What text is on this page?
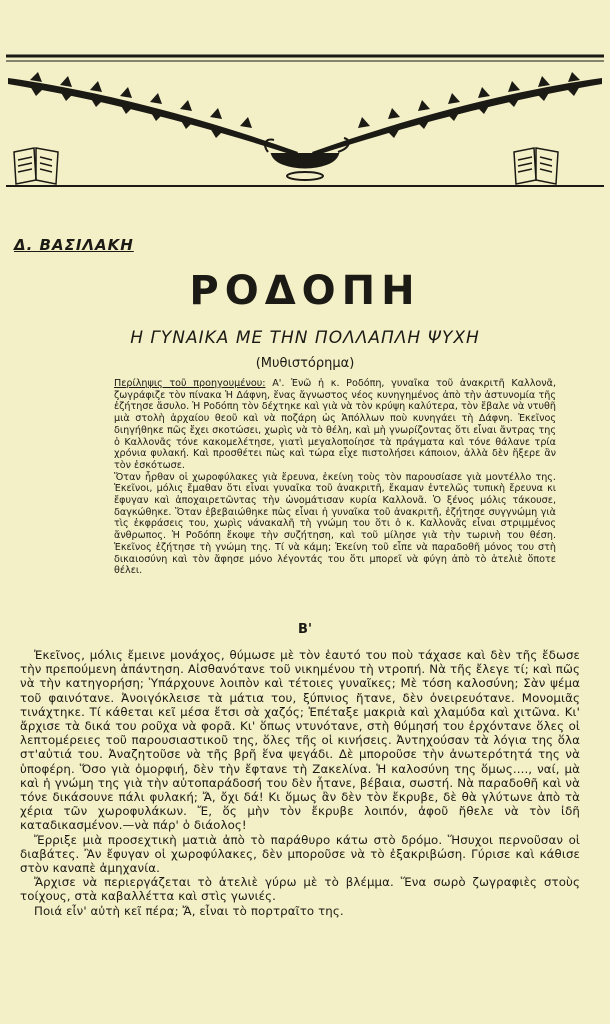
Δ. ΒΑΣΙΛΑΚΗ
ΡΟΔΟΠΗ
Η ΓΥΝΑΙΚΑ ΜΕ ΤΗΝ ΠΟΛΛΑΠΛΗ ΨΥΧΗ
(Μυθιστόρημα)

Περίληψις τοῦ προηγουμένου: Α'. Ἐνῶ ἡ κ. Ροδόπη, γυναῖκα τοῦ ἀνακριτῆ Καλλονᾶ, ζωγράφιζε τὸν πίνακα Ἡ Δάφνη, ἕνας ἄγνωστος νέος κυνηγημένος ἀπὸ τὴν ἀστυνομία τῆς ἐζήτησε ἄσυλο. Ἡ Ροδόπη τὸν δέχτηκε καὶ γιὰ νὰ τὸν κρύψη καλύτερα, τὸν ἔβαλε νὰ ντυθῆ μιὰ στολὴ ἀρχαίου θεοῦ καὶ νὰ ποζάρη ὡς Ἀπόλλων ποὺ κυνηγάει τὴ Δάφνη. Ἐκεῖνος διηγήθηκε πῶς ἔχει σκοτώσει, χωρὶς νὰ τὸ θέλη, καὶ μὴ γνωρίζοντας ὅτι εἶναι ἄντρας της ὁ Καλλονᾶς τόνε κακομελέτησε, γιατὶ μεγαλοποίησε τὰ πράγματα καὶ τόνε θάλανε τρία χρόνια φυλακή. Καὶ προσθέτει πὼς καὶ τώρα εἶχε πιστολήσει κάποιον, ἀλλὰ δὲν ἤξερε ἂν τὸν ἐσκότωσε.

Ὅταν ἦρθαν οἱ χωροφύλακες γιὰ ἔρευνα, ἐκείνη τοὺς τὸν παρουσίασε γιὰ μοντέλλο της. Ἐκεῖνοι, μόλις ἔμαθαν ὅτι εἶναι γυναῖκα τοῦ ἀνακριτῆ, ἔκαμαν ἐντελῶς τυπικὴ ἔρευνα κι ἔφυγαν καὶ ἀποχαιρετῶντας τὴν ὠνομάτισαν κυρία Καλλονᾶ. Ὁ ξένος μόλις τάκουσε, δαγκώθηκε. Ὅταν ἐβεβαιώθηκε πὼς εἶναι ἡ γυναῖκα τοῦ ἀνακριτῆ, ἐζήτησε συγγνώμη γιὰ τὶς ἐκφράσεις του, χωρὶς νάνακαλῆ τὴ γνώμη του ὅτι ὁ κ. Καλλονᾶς εἶναι στριμμένος ἄνθρωπος. Ἡ Ροδόπη ἔκοψε τὴν συζήτηση, καὶ τοῦ μίλησε γιὰ τὴν τωρινὴ του θέση. Ἐκεῖνος ἐζήτησε τὴ γνώμη της. Τί νὰ κάμη; Ἐκείνη τοῦ εἶπε νὰ παραδοθῆ μόνος του στὴ δικαιοσύνη καὶ τὸν ἄφησε μόνο λέγοντάς του ὅτι μπορεῖ νὰ φύγη ἀπὸ τὸ ἀτελιὲ ὅποτε θέλει.

Β'

Ἐκεῖνος, μόλις ἔμεινε μονάχος, θύμωσε μὲ τὸν ἑαυτό του ποὺ τάχασε καὶ δὲν τῆς ἔδωσε τὴν πρεπούμενη ἀπάντηση. Αἰσθανότανε τοῦ νικημένου τὴ ντροπή. Νὰ τῆς ἔλεγε τί; καὶ πῶς νὰ τὴν κατηγορήση; Ὑπάρχουνε λοιπὸν καὶ τέτοιες γυναῖκες; Μὲ τόση καλοσύνη; Σὰν ψέμα τοῦ φαινότανε. Ἀνοιγόκλεισε τὰ μάτια του, ξύπνιος ἤτανε, δὲν ὀνειρευότανε. Μονομιᾶς τινάχτηκε. Τί κάθεται κεῖ μέσα ἔτσι σὰ χαζός; Ἐπέταξε μακριὰ καὶ χλαμύδα καὶ χιτῶνα. Κι' ἄρχισε τὰ δικά του ροῦχα νὰ φορᾶ. Κι' ὅπως ντυνότανε, στὴ θύμησή του ἐρχόντανε ὅλες οἱ λεπτομέρειες τοῦ παρουσιαστικοῦ της, ὅλες τῆς οἱ κινήσεις. Ἀντηχούσαν τὰ λόγια της ὅλα στ'αὐτιά του. Ἀναζητοῦσε νὰ τῆς βρῆ ἕνα ψεγάδι. Δὲ μποροῦσε τὴν ἀνωτερότητά της νὰ ὑποφέρη. Ὅσο γιὰ ὀμορφιή, δὲν τὴν ἔφτανε τὴ Ζακελίνα. Ἡ καλοσύνη της ὅμως...., ναί, μὰ καὶ ἡ γνώμη της γιὰ τὴν αὐτοπαράδοσή του δὲν ἦτανε, βέβαια, σωστή. Νὰ παραδοθῆ καὶ νὰ τόνε δικάσουνε πάλι φυλακή; Ἄ, ὄχι δά! Κι ὅμως ἂν δὲν τὸν ἔκρυβε, δὲ θὰ γλύτωνε ἀπὸ τὰ χέρια τῶν χωροφυλάκων. Ἔ, ὅς μὴν τὸν ἔκρυβε λοιπόν, ἀφοῦ ἤθελε νὰ τὸν ἰδῆ καταδικασμένον.—νὰ πάρ' ὁ διάολος!

Ἔρριξε μιὰ προσεχτικὴ ματιὰ ἀπὸ τὸ παράθυρο κάτω στὸ δρόμο. Ἥσυχοι περνοῦσαν οἱ διαβάτες. Ἂν ἔφυγαν οἱ χωροφύλακες, δὲν μποροῦσε νὰ τὸ ἐξακριβώση. Γύρισε καὶ κάθισε στὸν καναπὲ ἀμηχανία.

Ἄρχισε νὰ περιεργάζεται τὸ ἀτελιὲ γύρω μὲ τὸ βλέμμα. Ἕνα σωρὸ ζωγραφιὲς στοὺς τοίχους, στὰ καβαλλέττα καὶ στὶς γωνιές.

Ποιά εἶν' αὐτὴ κεῖ πέρα; Ἄ, εἶναι τὸ πορτραῖτο της.
